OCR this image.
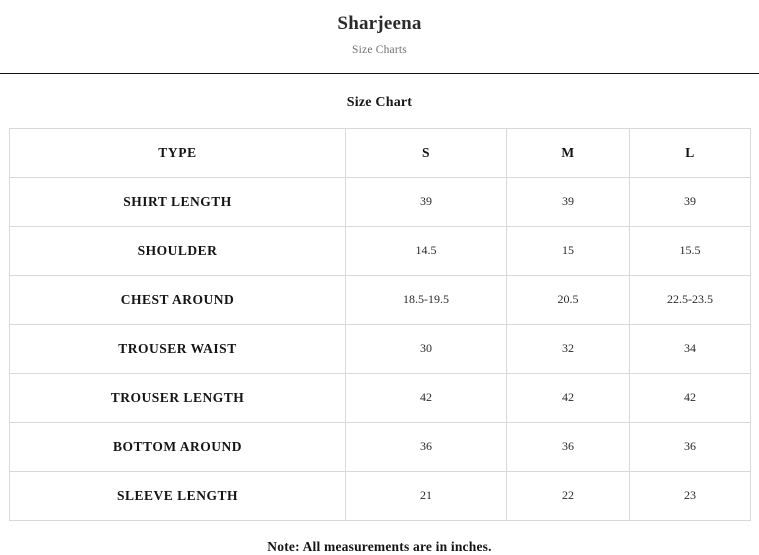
Sharjeena
Size Charts
Size Chart
TYPE	S	M	L
SHIRT LENGTH	39	39	39
SHOULDER	14.5	15	15.5
CHEST AROUND	18.5-19.5	20.5	22.5-23.5
TROUSER WAIST	30	32	34
TROUSER LENGTH	42	42	42
BOTTOM AROUND	36	36	36
SLEEVE LENGTH	21	22	23
Note: All measurements are in inches.
